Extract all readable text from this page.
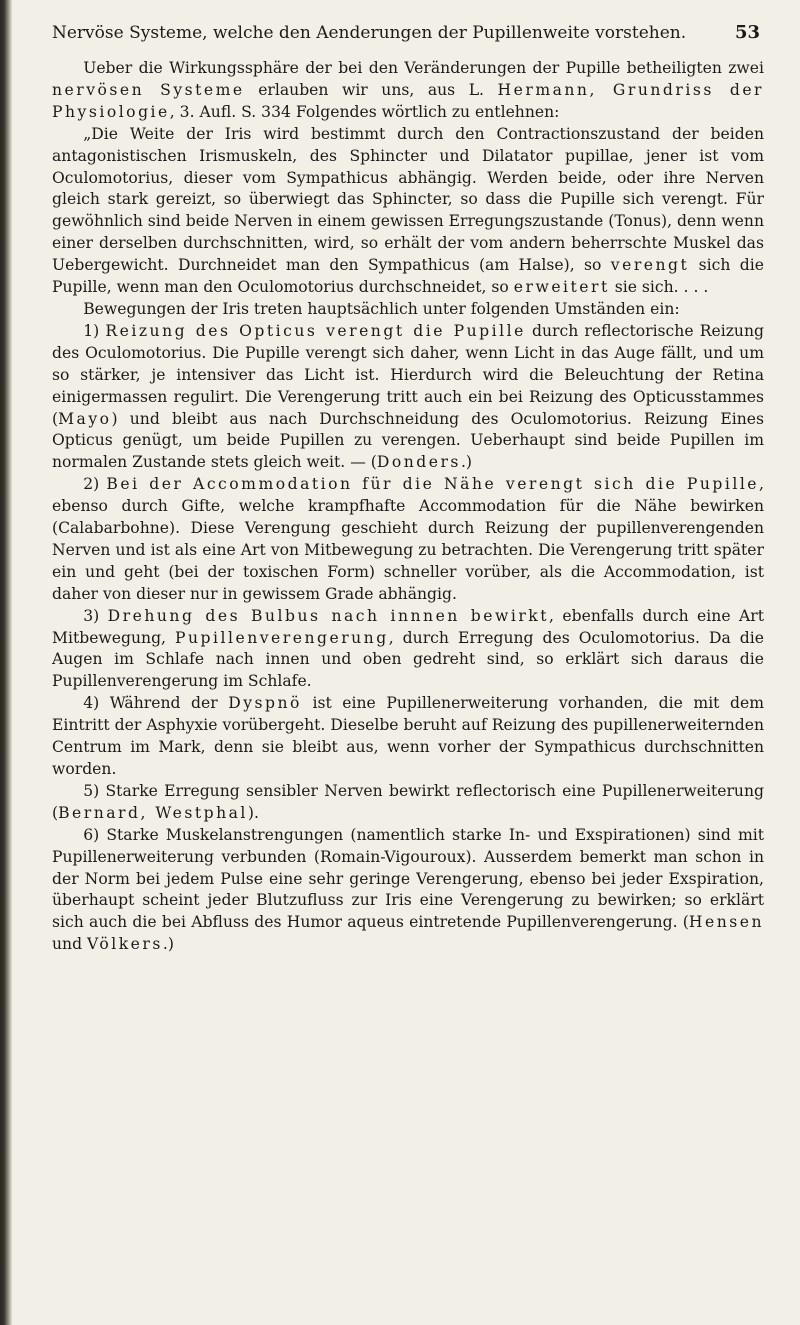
Nervöse Systeme, welche den Aenderungen der Pupillenweite vorstehen.	53

Ueber die Wirkungssphäre der bei den Veränderungen der Pupille betheiligten zwei nervösen Systeme erlauben wir uns, aus L. Hermann, Grundriss der Physiologie, 3. Aufl. S. 334 Folgendes wörtlich zu entlehnen:

„Die Weite der Iris wird bestimmt durch den Contractionszustand der beiden antagonistischen Irismuskeln, des Sphincter und Dilatator pupillae, jener ist vom Oculomotorius, dieser vom Sympathicus abhängig. Werden beide, oder ihre Nerven gleich stark gereizt, so überwiegt das Sphincter, so dass die Pupille sich verengt. Für gewöhnlich sind beide Nerven in einem gewissen Erregungszustande (Tonus), denn wenn einer derselben durchschnitten, wird, so erhält der vom andern beherrschte Muskel das Uebergewicht. Durchneidet man den Sympathicus (am Halse), so verengt sich die Pupille, wenn man den Oculomotorius durchschneidet, so erweitert sie sich. . . .

Bewegungen der Iris treten hauptsächlich unter folgenden Umständen ein:

1) Reizung des Opticus verengt die Pupille durch reflectorische Reizung des Oculomotorius. Die Pupille verengt sich daher, wenn Licht in das Auge fällt, und um so stärker, je intensiver das Licht ist. Hierdurch wird die Beleuchtung der Retina einigermassen regulirt. Die Verengerung tritt auch ein bei Reizung des Opticusstammes (Mayo) und bleibt aus nach Durchschneidung des Oculomotorius. Reizung Eines Opticus genügt, um beide Pupillen zu verengen. Ueberhaupt sind beide Pupillen im normalen Zustande stets gleich weit. — (Donders.)

2) Bei der Accommodation für die Nähe verengt sich die Pupille, ebenso durch Gifte, welche krampfhafte Accommodation für die Nähe bewirken (Calabarbohne). Diese Verengung geschieht durch Reizung der pupillenverengenden Nerven und ist als eine Art von Mitbewegung zu betrachten. Die Verengerung tritt später ein und geht (bei der toxischen Form) schneller vorüber, als die Accommodation, ist daher von dieser nur in gewissem Grade abhängig.

3) Drehung des Bulbus nach innnen bewirkt, ebenfalls durch eine Art Mitbewegung, Pupillenverengerung, durch Erregung des Oculomotorius. Da die Augen im Schlafe nach innen und oben gedreht sind, so erklärt sich daraus die Pupillenverengerung im Schlafe.

4) Während der Dyspnö ist eine Pupillenerweiterung vorhanden, die mit dem Eintritt der Asphyxie vorübergeht. Dieselbe beruht auf Reizung des pupillenerweiternden Centrum im Mark, denn sie bleibt aus, wenn vorher der Sympathicus durchschnitten worden.

5) Starke Erregung sensibler Nerven bewirkt reflectorisch eine Pupillenerweiterung (Bernard, Westphal).

6) Starke Muskelanstrengungen (namentlich starke In- und Exspirationen) sind mit Pupillenerweiterung verbunden (Romain-Vigouroux). Ausserdem bemerkt man schon in der Norm bei jedem Pulse eine sehr geringe Verengerung, ebenso bei jeder Exspiration, überhaupt scheint jeder Blutzufluss zur Iris eine Verengerung zu bewirken; so erklärt sich auch die bei Abfluss des Humor aqueus eintretende Pupillenverengerung. (Hensen und Völkers.)
